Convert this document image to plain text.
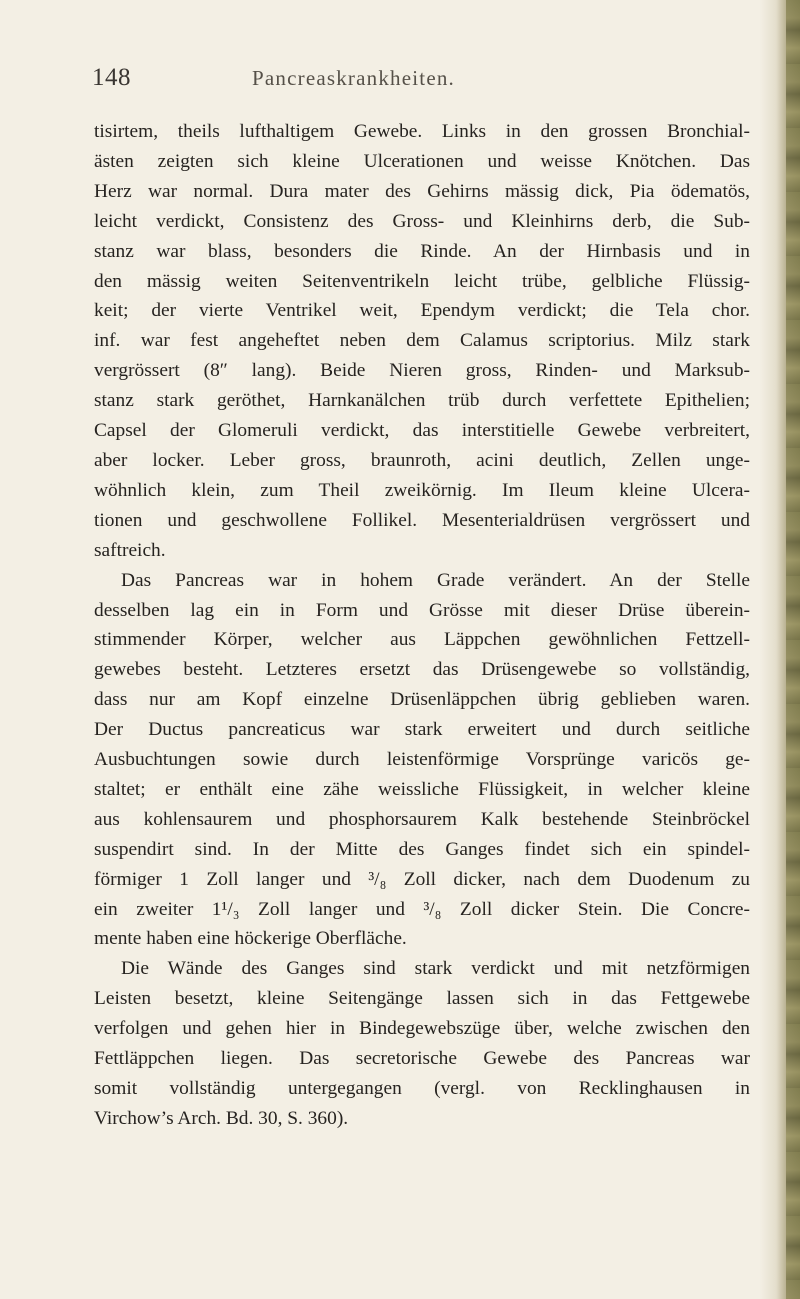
148	Pancreaskrankheiten.

tisirtem, theils lufthaltigem Gewebe. Links in den grossen Bronchial-
ästen zeigten sich kleine Ulcerationen und weisse Knötchen. Das
Herz war normal. Dura mater des Gehirns mässig dick, Pia ödematös,
leicht verdickt, Consistenz des Gross- und Kleinhirns derb, die Sub-
stanz war blass, besonders die Rinde. An der Hirnbasis und in
den mässig weiten Seitenventrikeln leicht trübe, gelbliche Flüssig-
keit; der vierte Ventrikel weit, Ependym verdickt; die Tela chor.
inf. war fest angeheftet neben dem Calamus scriptorius. Milz stark
vergrössert (8″ lang). Beide Nieren gross, Rinden- und Marksub-
stanz stark geröthet, Harnkanälchen trüb durch verfettete Epithelien;
Capsel der Glomeruli verdickt, das interstitielle Gewebe verbreitert,
aber locker. Leber gross, braunroth, acini deutlich, Zellen unge-
wöhnlich klein, zum Theil zweikörnig. Im Ileum kleine Ulcera-
tionen und geschwollene Follikel. Mesenterialdrüsen vergrössert und
saftreich.

Das Pancreas war in hohem Grade verändert. An der Stelle
desselben lag ein in Form und Grösse mit dieser Drüse überein-
stimmender Körper, welcher aus Läppchen gewöhnlichen Fettzell-
gewebes besteht. Letzteres ersetzt das Drüsengewebe so vollständig,
dass nur am Kopf einzelne Drüsenläppchen übrig geblieben waren.
Der Ductus pancreaticus war stark erweitert und durch seitliche
Ausbuchtungen sowie durch leistenförmige Vorsprünge varicös ge-
staltet; er enthält eine zähe weissliche Flüssigkeit, in welcher kleine
aus kohlensaurem und phosphorsaurem Kalk bestehende Steinbröckel
suspendirt sind. In der Mitte des Ganges findet sich ein spindel-
förmiger 1 Zoll langer und ³/₈ Zoll dicker, nach dem Duodenum zu
ein zweiter 1¹/₃ Zoll langer und ³/₈ Zoll dicker Stein. Die Concre-
mente haben eine höckerige Oberfläche.

Die Wände des Ganges sind stark verdickt und mit netzförmigen
Leisten besetzt, kleine Seitengänge lassen sich in das Fettgewebe
verfolgen und gehen hier in Bindegewebszüge über, welche zwischen den
Fettläppchen liegen. Das secretorische Gewebe des Pancreas war
somit vollständig untergegangen (vergl. von Recklinghausen in
Virchow’s Arch. Bd. 30, S. 360).
